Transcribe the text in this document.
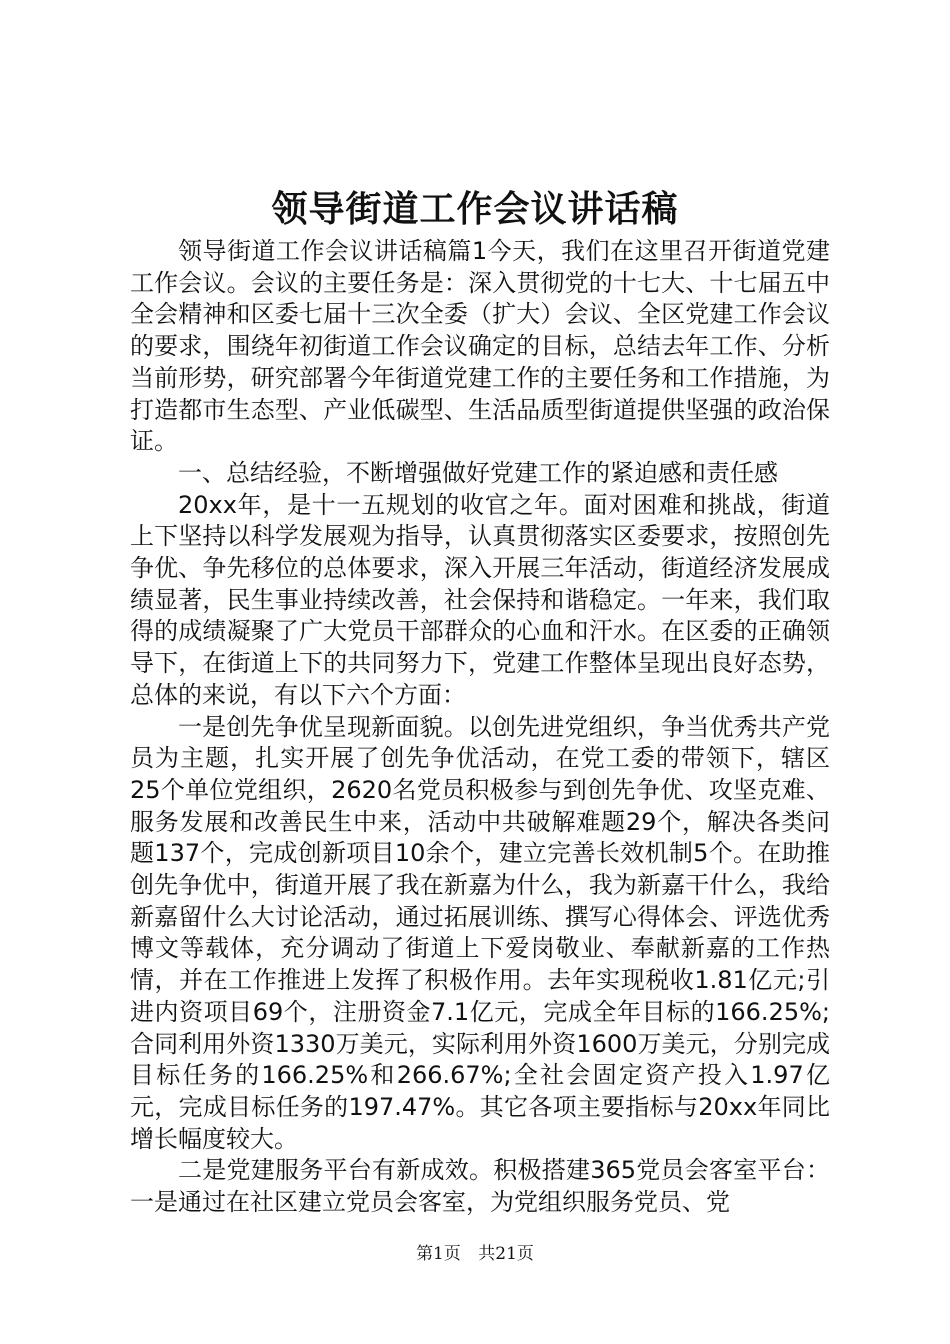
领导街道工作会议讲话稿

领导街道工作会议讲话稿篇1今天，我们在这里召开街道党建工作会议。会议的主要任务是：深入贯彻党的十七大、十七届五中全会精神和区委七届十三次全委（扩大）会议、全区党建工作会议的要求，围绕年初街道工作会议确定的目标，总结去年工作、分析当前形势，研究部署今年街道党建工作的主要任务和工作措施，为打造都市生态型、产业低碳型、生活品质型街道提供坚强的政治保证。

一、总结经验，不断增强做好党建工作的紧迫感和责任感

20xx年，是十一五规划的收官之年。面对困难和挑战，街道上下坚持以科学发展观为指导，认真贯彻落实区委要求，按照创先争优、争先移位的总体要求，深入开展三年活动，街道经济发展成绩显著，民生事业持续改善，社会保持和谐稳定。一年来，我们取得的成绩凝聚了广大党员干部群众的心血和汗水。在区委的正确领导下，在街道上下的共同努力下，党建工作整体呈现出良好态势，总体的来说，有以下六个方面：

一是创先争优呈现新面貌。以创先进党组织，争当优秀共产党员为主题，扎实开展了创先争优活动，在党工委的带领下，辖区25个单位党组织，2620名党员积极参与到创先争优、攻坚克难、服务发展和改善民生中来，活动中共破解难题29个，解决各类问题137个，完成创新项目10余个，建立完善长效机制5个。在助推创先争优中，街道开展了我在新嘉为什么，我为新嘉干什么，我给新嘉留什么大讨论活动，通过拓展训练、撰写心得体会、评选优秀博文等载体，充分调动了街道上下爱岗敬业、奉献新嘉的工作热情，并在工作推进上发挥了积极作用。去年实现税收1.81亿元;引进内资项目69个，注册资金7.1亿元，完成全年目标的166.25%;合同利用外资1330万美元，实际利用外资1600万美元，分别完成目标任务的166.25%和266.67%;全社会固定资产投入1.97亿元，完成目标任务的197.47%。其它各项主要指标与20xx年同比增长幅度较大。

二是党建服务平台有新成效。积极搭建365党员会客室平台：一是通过在社区建立党员会客室，为党组织服务党员、党

第1页 共21页
